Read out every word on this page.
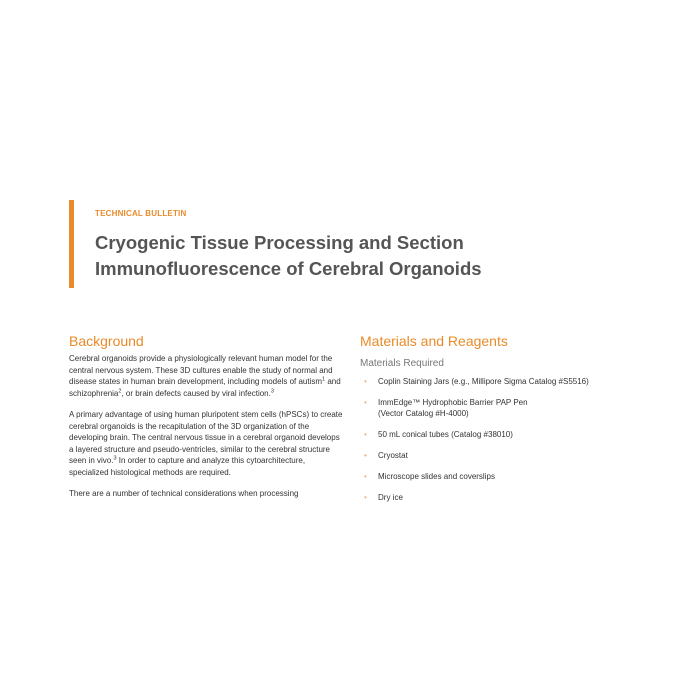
TECHNICAL BULLETIN
Cryogenic Tissue Processing and Section Immunofluorescence of Cerebral Organoids
Background

Cerebral organoids provide a physiologically relevant human model for the central nervous system. These 3D cultures enable the study of normal and disease states in human brain development, including models of autism$^1$ and schizophrenia$^2$, or brain defects caused by viral infection.$^3$

A primary advantage of using human pluripotent stem cells (hPSCs) to create cerebral organoids is the recapitulation of the 3D organization of the developing brain. The central nervous tissue in a cerebral organoid develops a layered structure and pseudo-ventricles, similar to the cerebral structure seen in vivo.$^3$ In order to capture and analyze this cytoarchitecture, specialized histological methods are required.

There are a number of technical considerations when processing

Materials and Reagents
Materials Required
• Coplin Staining Jars (e.g., Millipore Sigma Catalog #S5516)
• ImmEdge™ Hydrophobic Barrier PAP Pen
(Vector Catalog #H-4000)
• 50 mL conical tubes (Catalog #38010)
• Cryostat
• Microscope slides and coverslips
• Dry ice
